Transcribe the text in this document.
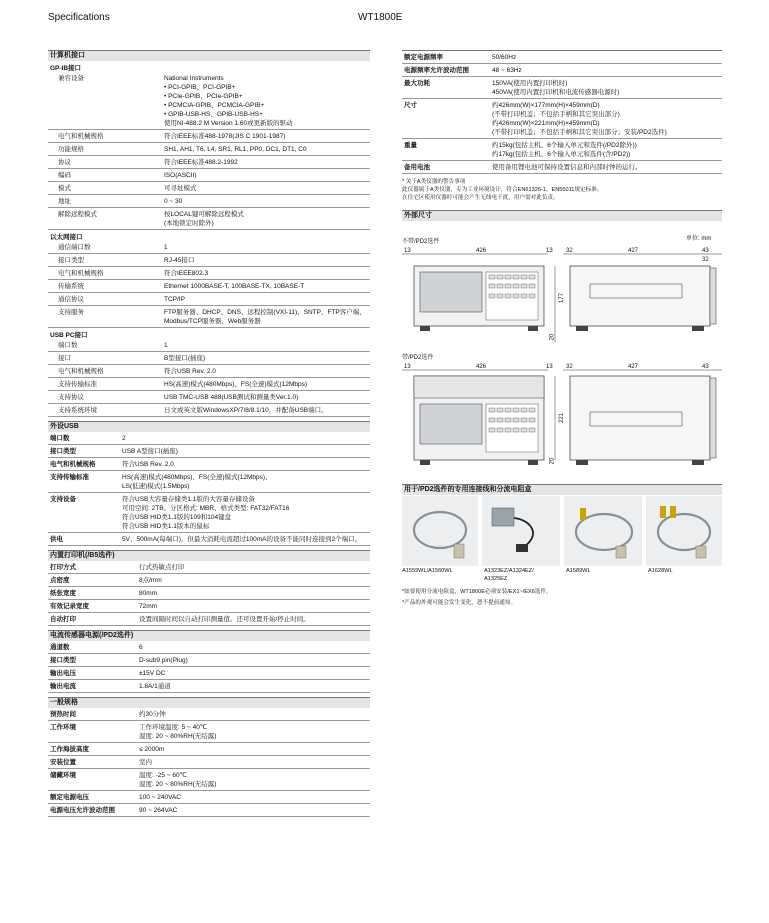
Specifications	WT1800E
计算机接口
GP-IB接口
兼容设备	National Instruments
• PCI-GPIB、PCI-GPIB+
• PCIe-GPIB、PCIe-GPIB+
• PCMCIA-GPIB、PCMCIA-GPIB+
• GPIB-USB-HS、GPIB-USB-HS+
使用NI-488.2 M Version 1.60或更新版的驱动
电气和机械规格	符合IEEE标准488-1978(JIS C 1901-1987)
功能规格	SH1, AH1, T6, L4, SR1, RL1, PP0, DC1, DT1, C0
协议	符合IEEE标准488.2-1992
编码	ISO(ASCII)
模式	可寻址模式
地址	0 ~ 30
解除远程模式	按LOCAL键可解除远程模式
(本地锁定时除外)
以太网接口
通信端口数	1
接口类型	RJ-45接口
电气和机械规格	符合IEEE802.3
传输系统	Ethernet 1000BASE-T, 100BASE-TX, 10BASE-T
通信协议	TCP/IP
支持服务	FTP服务器、DHCP、DNS、远程控制(VXI-11)、SNTP、FTP客户端、Modbus/TCP服务器、Web服务器
USB PC接口
端口数	1
接口	B型接口(插座)
电气和机械规格	符合USB Rev. 2.0
支持传输标准	HS(高速)模式(480Mbps)、FS(全速)模式(12Mbps)
支持协议	USB TMC-USB 488(USB测试和测量类Ver.1.0)
支持系统环境	日文或英文版WindowsXP/7/8/8.1/10，并配备USB端口。
外设USB
端口数	2
接口类型	USB A型接口(插座)
电气和机械规格	符合USB Rev. 2.0
支持传输标准	HS(高速)模式(480Mbps)、FS(全速)模式(12Mbps)、
LS(低速)模式(1.5Mbps)
支持设备	符合USB大容量存储类1.1版的大容量存储设备
可用空间: 2TB、分区格式: MBR、格式类型: FAT32/FAT16
符合USB HID类1.1版的109和104键盘
符合USB HID类1.1版本的鼠标
供电	5V、500mA(每端口)，但最大消耗电流超过100mA的设备不能同时连接到2个端口。
内置打印机(/B5选件)
打印方式	行式热敏点打印
点密度	8点/mm
纸张宽度	80mm
有效记录宽度	72mm
自动打印	设置间隔时间以自动打印测量值。还可设置开始/停止时间。
电流传感器电源(/PD2选件)
通道数	6
接口类型	D-sub9 pin(Plug)
输出电压	±15V DC
输出电流	1.8A/1通道
一般规格
预热时间	约30分钟
工作环境	工作环境温度: 5 ~ 40℃
湿度: 20 ~ 80%RH(无结露)
工作海拔高度	≤ 2000m
安装位置	室内
储藏环境	温度: -25 ~ 60℃
湿度: 20 ~ 80%RH(无结露)
额定电源电压	100 ~ 240VAC
电源电压允许波动范围	90 ~ 264VAC
额定电源频率	50/60Hz
电源频率允许波动范围	48 ~ 63Hz
最大功耗	150VA(使用内置打印机时)
450VA(使用内置打印机和电流传感器电源时)
尺寸	约426mm(W)×177mm(H)×459mm(D)
(不带打印机盖；不包括手柄和其它突出部分)
约426mm(W)×221mm(H)×459mm(D)
(不带打印机盖；不包括手柄和其它突出部分；安装/PD2选件)
重量	约15kg(包括主机、6个输入单元和选件(/PD2除外))
约17kg(包括主机、6个输入单元和选件(含/PD2))
备用电池	使用备用锂电池可保持设置信息和内部时钟的运行。
* 关于A类仪器的警告事项
此仪器属于A类仪器，专为工业环境设计，符合EN61326-1、EN55011规定标准。
在住宅区使用仪器时可能会产生无线电干扰，用户需对此负责。
外部尺寸
单位: mm
不带/PD2选件
13	426	13 32	427	43
32
177
20
带/PD2选件
13	426	13 32	427	43
221
20
用于/PD2选件的专用连接线和分流电阻盒
A1559WL/A1560WL	A1323EZ/A1324EZ/
A1325EZ
A1589WL	A1628WL
*如要使用分流电阻盒，WT1800E必须安装/EX1~/EX6选件。
*产品的外观可能会发生变化，恕不提前通知。
